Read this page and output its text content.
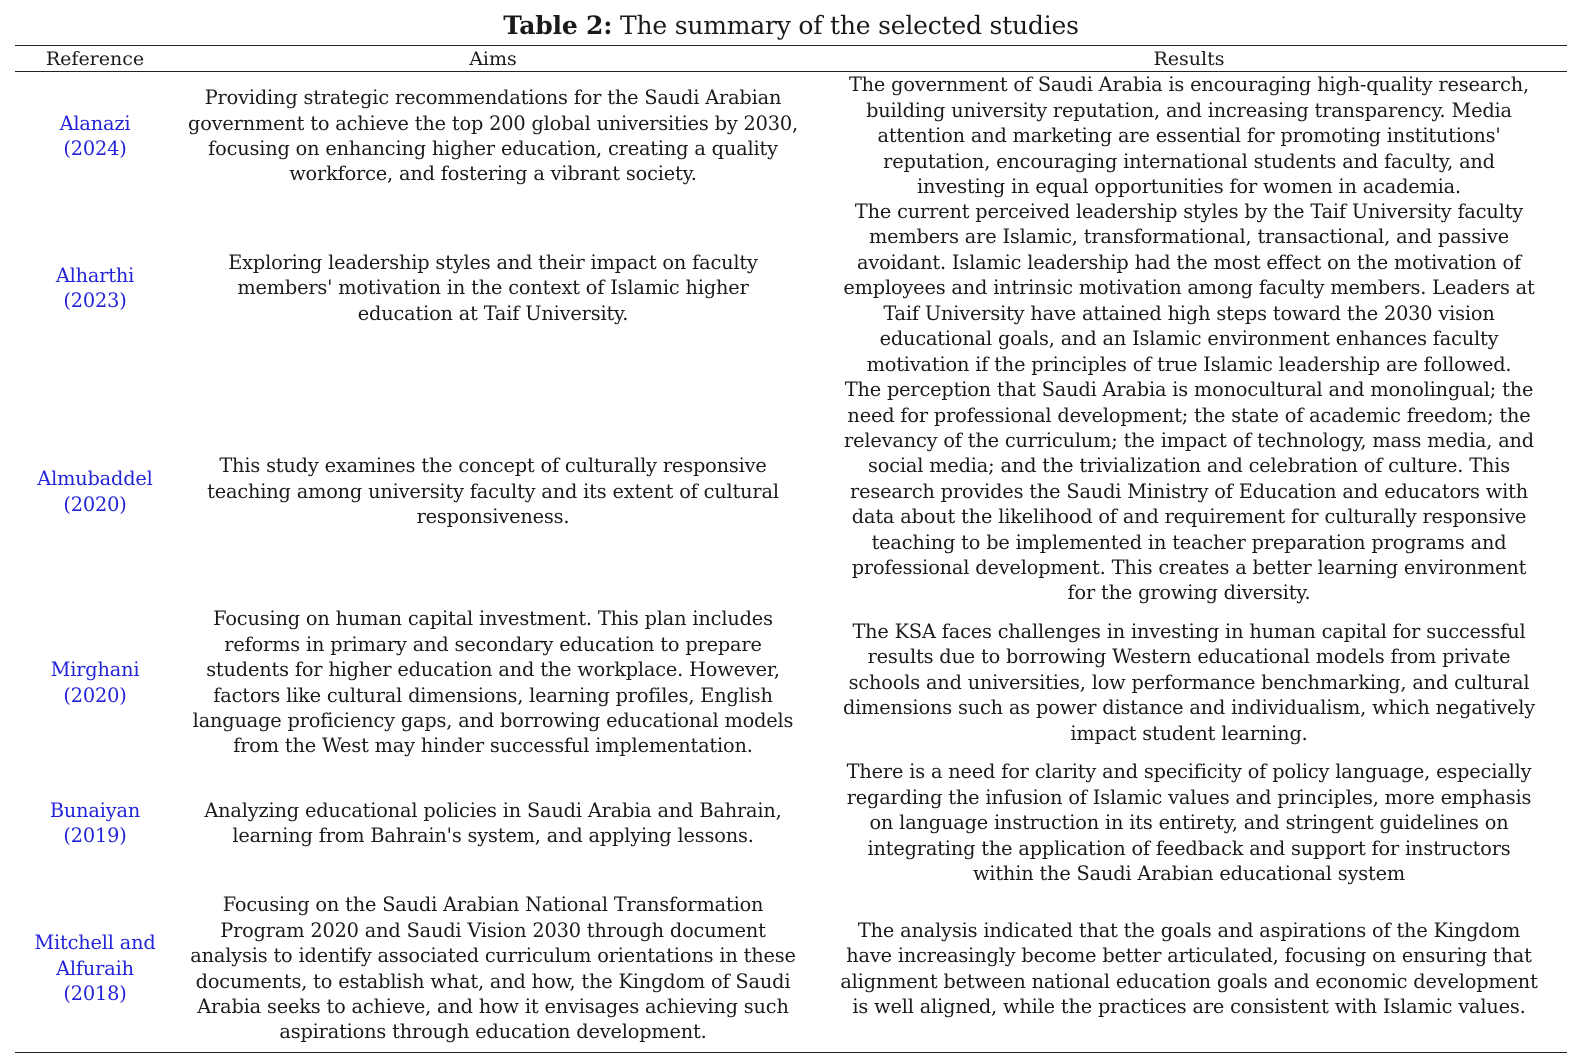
Table 2: The summary of the selected studies
Reference	Aims	Results
Alanazi (2024)
Providing strategic recommendations for the Saudi Arabian government to achieve the top 200 global universities by 2030, focusing on enhancing higher education, creating a quality workforce, and fostering a vibrant society.
The government of Saudi Arabia is encouraging high-quality research, building university reputation, and increasing transparency. Media attention and marketing are essential for promoting institutions' reputation, encouraging international students and faculty, and investing in equal opportunities for women in academia.
Alharthi (2023)
Exploring leadership styles and their impact on faculty members' motivation in the context of Islamic higher education at Taif University.
The current perceived leadership styles by the Taif University faculty members are Islamic, transformational, transactional, and passive avoidant. Islamic leadership had the most effect on the motivation of employees and intrinsic motivation among faculty members. Leaders at Taif University have attained high steps toward the 2030 vision educational goals, and an Islamic environment enhances faculty motivation if the principles of true Islamic leadership are followed.
Almubaddel (2020)
This study examines the concept of culturally responsive teaching among university faculty and its extent of cultural responsiveness.
The perception that Saudi Arabia is monocultural and monolingual; the need for professional development; the state of academic freedom; the relevancy of the curriculum; the impact of technology, mass media, and social media; and the trivialization and celebration of culture. This research provides the Saudi Ministry of Education and educators with data about the likelihood of and requirement for culturally responsive teaching to be implemented in teacher preparation programs and professional development. This creates a better learning environment for the growing diversity.
Mirghani (2020)
Focusing on human capital investment. This plan includes reforms in primary and secondary education to prepare students for higher education and the workplace. However, factors like cultural dimensions, learning profiles, English language proficiency gaps, and borrowing educational models from the West may hinder successful implementation.
The KSA faces challenges in investing in human capital for successful results due to borrowing Western educational models from private schools and universities, low performance benchmarking, and cultural dimensions such as power distance and individualism, which negatively impact student learning.
Bunaiyan (2019)
Analyzing educational policies in Saudi Arabia and Bahrain, learning from Bahrain's system, and applying lessons.
There is a need for clarity and specificity of policy language, especially regarding the infusion of Islamic values and principles, more emphasis on language instruction in its entirety, and stringent guidelines on integrating the application of feedback and support for instructors within the Saudi Arabian educational system
Mitchell and Alfuraih (2018)
Focusing on the Saudi Arabian National Transformation Program 2020 and Saudi Vision 2030 through document analysis to identify associated curriculum orientations in these documents, to establish what, and how, the Kingdom of Saudi Arabia seeks to achieve, and how it envisages achieving such aspirations through education development.
The analysis indicated that the goals and aspirations of the Kingdom have increasingly become better articulated, focusing on ensuring that alignment between national education goals and economic development is well aligned, while the practices are consistent with Islamic values.
